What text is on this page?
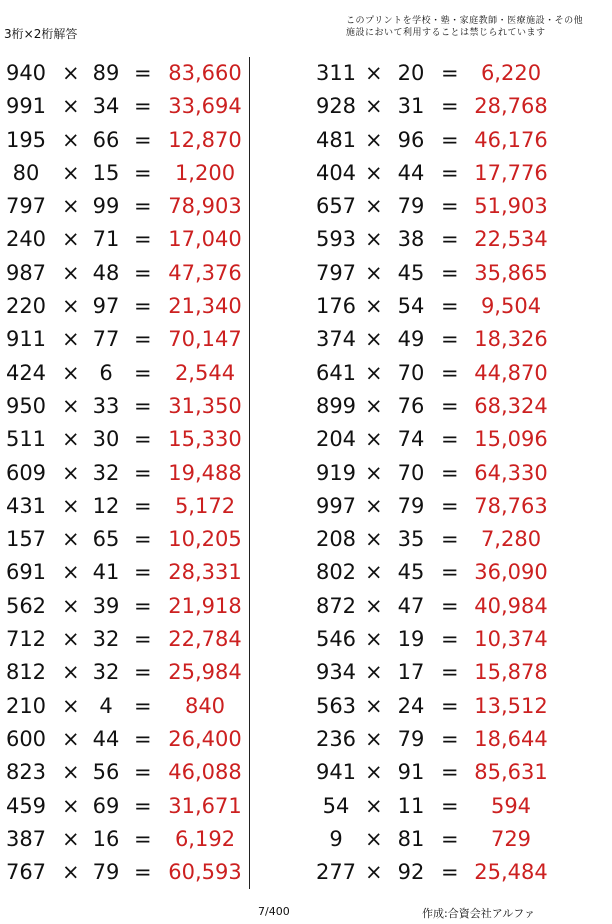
3桁×2桁解答
このプリントを学校・塾・家庭教師・医療施設・その他
施設において利用することは禁じられています
940 × 89 = 83,660
991 × 34 = 33,694
195 × 66 = 12,870
80	× 15 =	1,200
797 × 99 = 78,903
240 × 71 = 17,040
987 × 48 = 47,376
220 × 97 = 21,340
911 × 77 = 70,147
424 × 6	=	2,544
950 × 33 = 31,350
511 × 30 = 15,330
609 × 32 = 19,488
431 × 12 =	5,172
157 × 65 = 10,205
691 × 41 = 28,331
562 × 39 = 21,918
712 × 32 = 22,784
812 × 32 = 25,984
210 × 4	=	840
600 × 44 = 26,400
823 × 56 = 46,088
459 × 69 = 31,671
387 × 16 =	6,192
767 × 79 = 60,593
311 × 20 =	6,220
928 × 31 = 28,768
481 × 96 = 46,176
404 × 44 = 17,776
657 × 79 = 51,903
593 × 38 = 22,534
797 × 45 = 35,865
176 × 54 =	9,504
374 × 49 = 18,326
641 × 70 = 44,870
899 × 76 = 68,324
204 × 74 = 15,096
919 × 70 = 64,330
997 × 79 = 78,763
208 × 35 =	7,280
802 × 45 = 36,090
872 × 47 = 40,984
546 × 19 = 10,374
934 × 17 = 15,878
563 × 24 = 13,512
236 × 79 = 18,644
941 × 91 = 85,631
54 × 11 =	594
9	× 81 =	729
277 × 92 = 25,484
7/400	作成:合資会社アルファ
